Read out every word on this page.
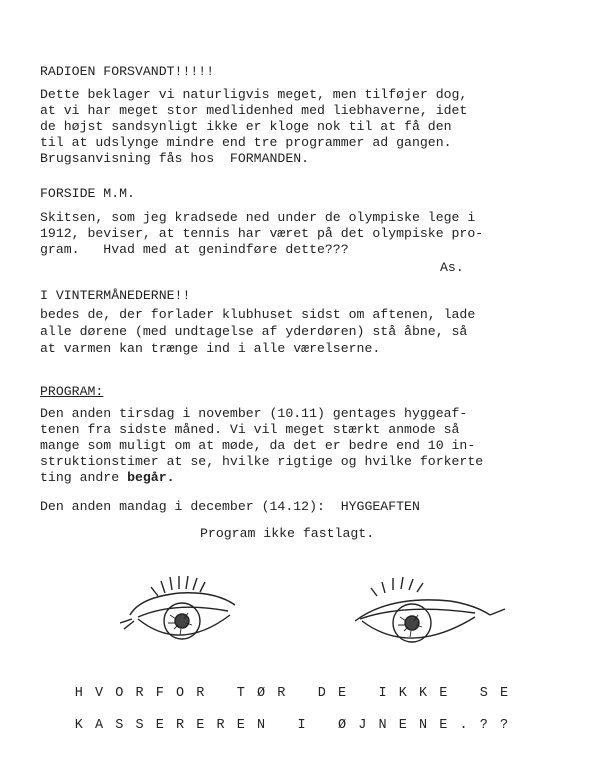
RADIOEN FORSVANDT!!!!!

Dette beklager vi naturligvis meget, men tilføjer dog,

at vi har meget stor medlidenhed med liebhaverne, idet

de højst sandsynligt ikke er kloge nok til at få den

til at udslynge mindre end tre programmer ad gangen.

Brugsanvisning fås hos  FORMANDEN.

FORSIDE M.M.

Skitsen, som jeg kradsede ned under de olympiske lege i

1912, beviser, at tennis har været på det olympiske pro-

gram.   Hvad med at genindføre dette???

As.

I VINTERMÅNEDERNE!!

bedes de, der forlader klubhuset sidst om aftenen, lade

alle dørene (med undtagelse af yderdøren) stå åbne, så

at varmen kan trænge ind i alle værelserne.

PROGRAM:

Den anden tirsdag i november (10.11) gentages hyggeaf-

tenen fra sidste måned. Vi vil meget stærkt anmode så

mange som muligt om at møde, da det er bedre end 10 in-

struktionstimer at se, hvilke rigtige og hvilke forkerte

ting andre begår.

Den anden mandag i december (14.12):  HYGGEAFTEN

Program ikke fastlagt.

HVORFOR TØR DE IKKE SE

KASSEREREN I ØJNENE.??
